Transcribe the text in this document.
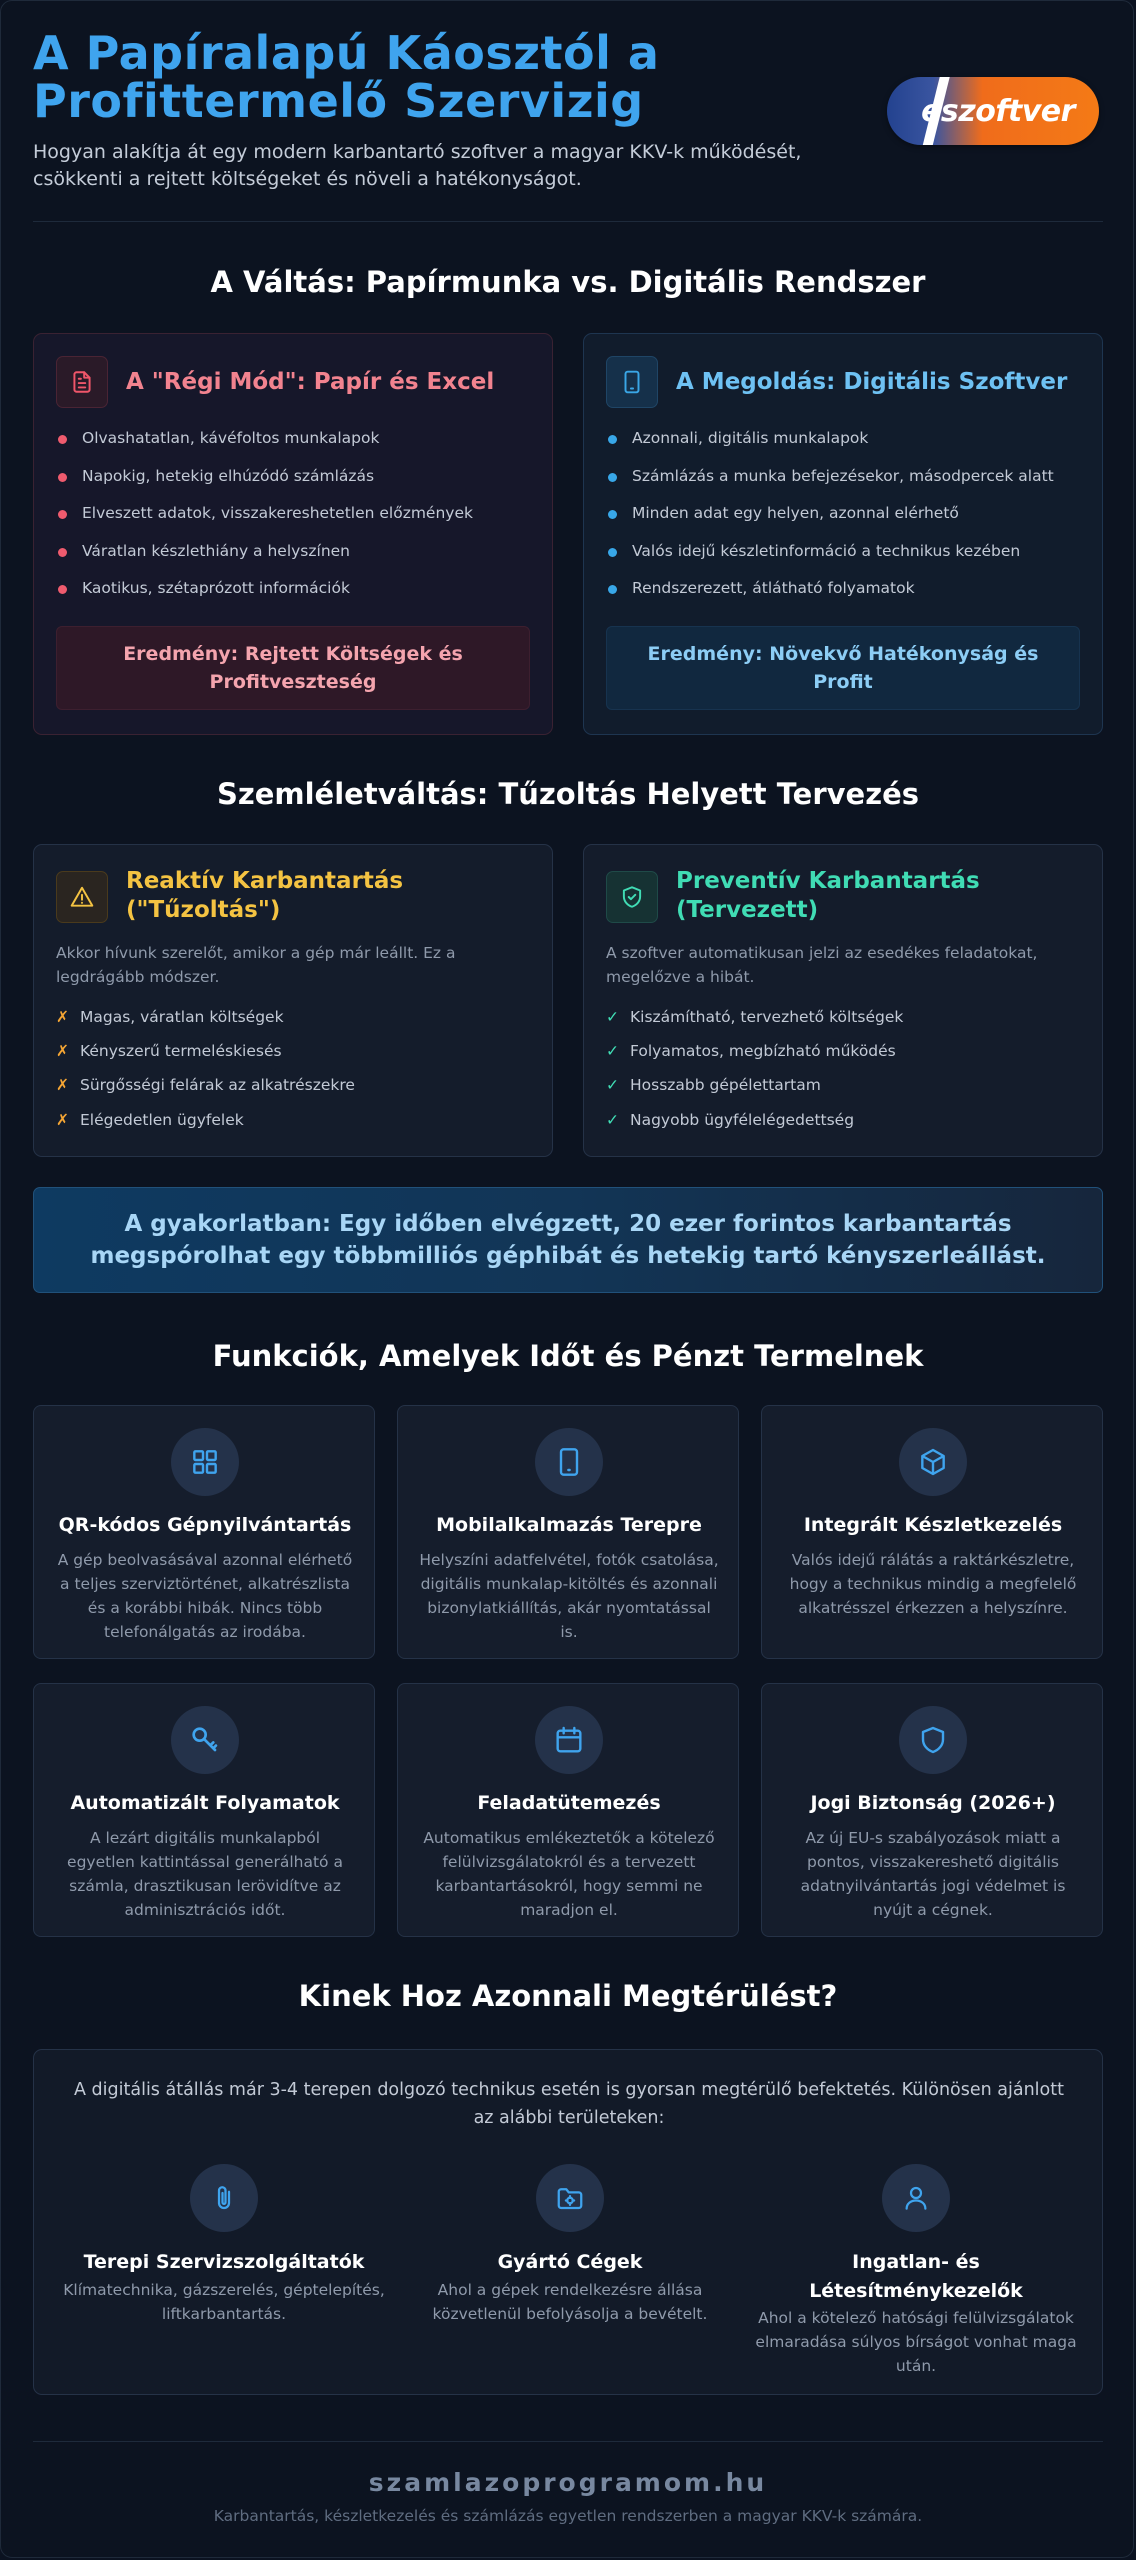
A Papíralapú Káosztól a Profittermelő Szervizig
Hogyan alakítja át egy modern karbantartó szoftver a magyar KKV-k működését, csökkenti a rejtett költségeket és növeli a hatékonyságot.
eszoftver
A Váltás: Papírmunka vs. Digitális Rendszer
A "Régi Mód": Papír és Excel
Olvashatatlan, kávéfoltos munkalapok
Napokig, hetekig elhúzódó számlázás
Elveszett adatok, visszakereshetetlen előzmények
Váratlan készlethiány a helyszínen
Kaotikus, szétaprózott információk
Eredmény: Rejtett Költségek és Profitveszteség
A Megoldás: Digitális Szoftver
Azonnali, digitális munkalapok
Számlázás a munka befejezésekor, másodpercek alatt
Minden adat egy helyen, azonnal elérhető
Valós idejű készletinformáció a technikus kezében
Rendszerezett, átlátható folyamatok
Eredmény: Növekvő Hatékonyság és Profit
Szemléletváltás: Tűzoltás Helyett Tervezés
Reaktív Karbantartás ("Tűzoltás")
Akkor hívunk szerelőt, amikor a gép már leállt. Ez a legdrágább módszer.
✗ Magas, váratlan költségek
✗ Kényszerű termeléskiesés
✗ Sürgősségi felárak az alkatrészekre
✗ Elégedetlen ügyfelek
Preventív Karbantartás (Tervezett)
A szoftver automatikusan jelzi az esedékes feladatokat, megelőzve a hibát.
✓ Kiszámítható, tervezhető költségek
✓ Folyamatos, megbízható működés
✓ Hosszabb gépélettartam
✓ Nagyobb ügyfélelégedettség
A gyakorlatban: Egy időben elvégzett, 20 ezer forintos karbantartás megspórolhat egy többmilliós géphibát és hetekig tartó kényszerleállást.
Funkciók, Amelyek Időt és Pénzt Termelnek
QR-kódos Gépnyilvántartás
A gép beolvasásával azonnal elérhető a teljes szerviztörténet, alkatrészlista és a korábbi hibák. Nincs több telefonálgatás az irodába.
Mobilalkalmazás Terepre
Helyszíni adatfelvétel, fotók csatolása, digitális munkalap-kitöltés és azonnali bizonylatkiállítás, akár nyomtatással is.
Integrált Készletkezelés
Valós idejű rálátás a raktárkészletre, hogy a technikus mindig a megfelelő alkatrésszel érkezzen a helyszínre.
Automatizált Folyamatok
A lezárt digitális munkalapból egyetlen kattintással generálható a számla, drasztikusan lerövidítve az adminisztrációs időt.
Feladatütemezés
Automatikus emlékeztetők a kötelező felülvizsgálatokról és a tervezett karbantartásokról, hogy semmi ne maradjon el.
Jogi Biztonság (2026+)
Az új EU-s szabályozások miatt a pontos, visszakereshető digitális adatnyilvántartás jogi védelmet is nyújt a cégnek.
Kinek Hoz Azonnali Megtérülést?
A digitális átállás már 3-4 terepen dolgozó technikus esetén is gyorsan megtérülő befektetés. Különösen ajánlott az alábbi területeken:
Terepi Szervizszolgáltatók
Klímatechnika, gázszerelés, géptelepítés, liftkarbantartás.
Gyártó Cégek
Ahol a gépek rendelkezésre állása közvetlenül befolyásolja a bevételt.
Ingatlan- és Létesítménykezelők
Ahol a kötelező hatósági felülvizsgálatok elmaradása súlyos bírságot vonhat maga után.
szamlazoprogramom.hu
Karbantartás, készletkezelés és számlázás egyetlen rendszerben a magyar KKV-k számára.
